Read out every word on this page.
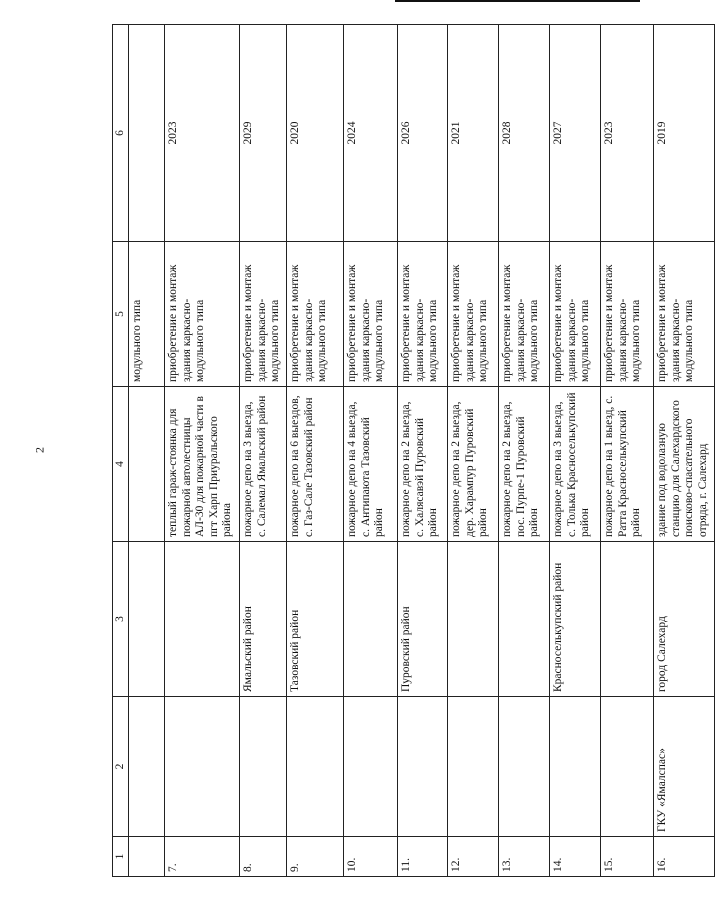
2
1	2	3	4	5	6
				модульного типа	
7.			теплый гараж-стоянка для пожарной автолестницы АЛ-30 для пожарной части в пгт Харп Приуральского района	приобретение и монтаж здания каркасно-модульного типа	2023
8.		Ямальский район	пожарное депо на 3 выезда, с. Салемал Ямальский район	приобретение и монтаж здания каркасно-модульного типа	2029
9.		Тазовский район	пожарное депо на 6 выездов, с. Газ-Сале Тазовский район	приобретение и монтаж здания каркасно-модульного типа	2020
10.			пожарное депо на 4 выезда, с. Антипаюта Тазовский район	приобретение и монтаж здания каркасно-модульного типа	2024
11.		Пуровский район	пожарное депо на 2 выезда, с. Халясавэй Пуровский район	приобретение и монтаж здания каркасно-модульного типа	2026
12.			пожарное депо на 2 выезда, дер. Харампур Пуровский район	приобретение и монтаж здания каркасно-модульного типа	2021
13.			пожарное депо на 2 выезда, пос. Пурпе-1 Пуровский район	приобретение и монтаж здания каркасно-модульного типа	2028
14.		Красноселькупский район	пожарное депо на 3 выезда, с. Толька Красноселькупский район	приобретение и монтаж здания каркасно-модульного типа	2027
15.			пожарное депо на 1 выезд, с. Ратта Красноселькупский район	приобретение и монтаж здания каркасно-модульного типа	2023
16.	ГКУ «Ямалспас»	город Салехард	здание под водолазную станцию для Салехардского поисково-спасательного отряда, г. Салехард	приобретение и монтаж здания каркасно-модульного типа	2019
